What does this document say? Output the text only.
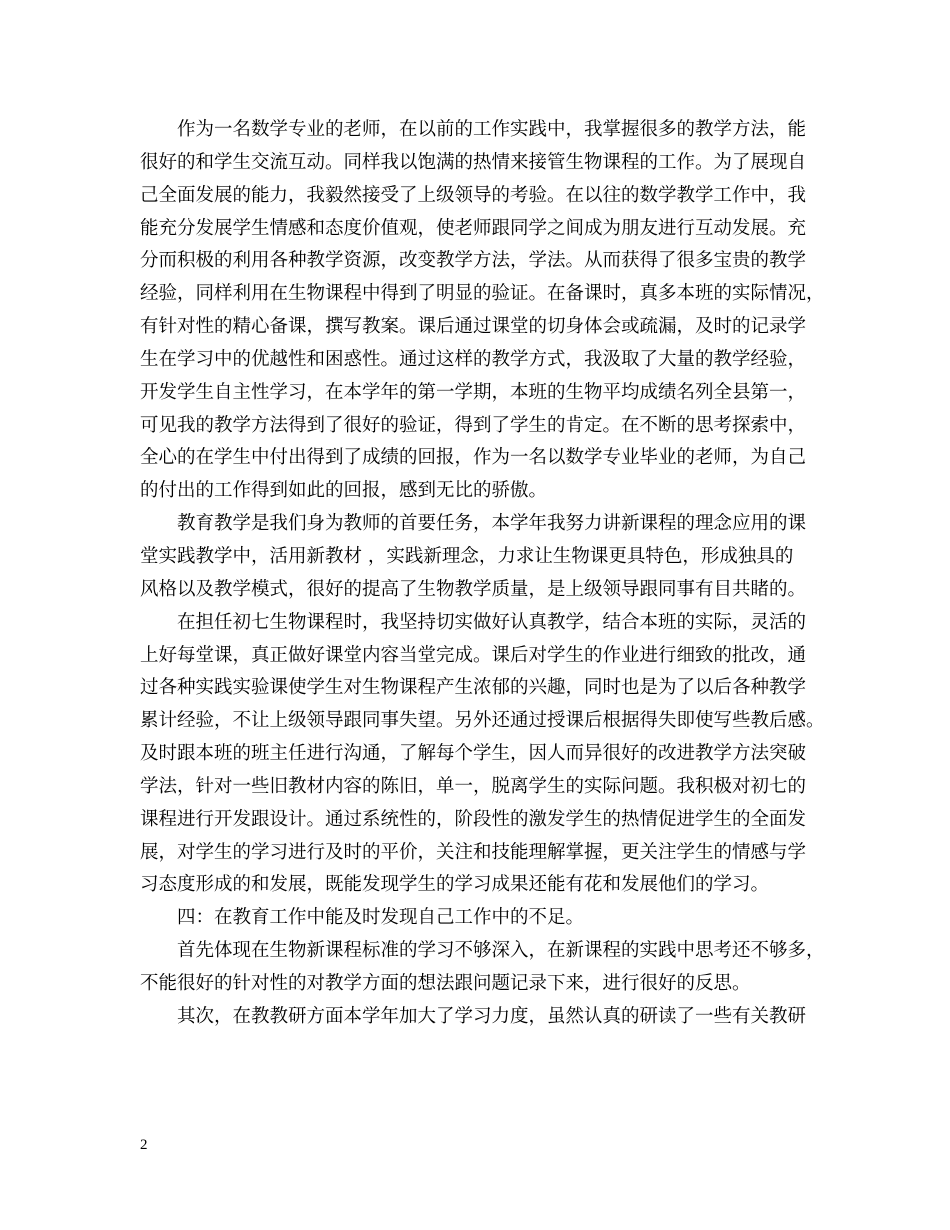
作为一名数学专业的老师，在以前的工作实践中，我掌握很多的教学方法，能
很好的和学生交流互动。同样我以饱满的热情来接管生物课程的工作。为了展现自
己全面发展的能力，我毅然接受了上级领导的考验。在以往的数学教学工作中，我
能充分发展学生情感和态度价值观，使老师跟同学之间成为朋友进行互动发展。充
分而积极的利用各种教学资源，改变教学方法，学法。从而获得了很多宝贵的教学
经验，同样利用在生物课程中得到了明显的验证。在备课时，真多本班的实际情况，
有针对性的精心备课，撰写教案。课后通过课堂的切身体会或疏漏，及时的记录学
生在学习中的优越性和困惑性。通过这样的教学方式，我汲取了大量的教学经验，
开发学生自主性学习，在本学年的第一学期，本班的生物平均成绩名列全县第一，
可见我的教学方法得到了很好的验证，得到了学生的肯定。在不断的思考探索中，
全心的在学生中付出得到了成绩的回报，作为一名以数学专业毕业的老师，为自己
的付出的工作得到如此的回报，感到无比的骄傲。
教育教学是我们身为教师的首要任务，本学年我努力讲新课程的理念应用的课
堂实践教学中，活用新教材 ，实践新理念，力求让生物课更具特色，形成独具的
风格以及教学模式，很好的提高了生物教学质量，是上级领导跟同事有目共睹的。
在担任初七生物课程时，我坚持切实做好认真教学，结合本班的实际，灵活的
上好每堂课，真正做好课堂内容当堂完成。课后对学生的作业进行细致的批改，通
过各种实践实验课使学生对生物课程产生浓郁的兴趣，同时也是为了以后各种教学
累计经验，不让上级领导跟同事失望。另外还通过授课后根据得失即使写些教后感。
及时跟本班的班主任进行沟通，了解每个学生，因人而异很好的改进教学方法突破
学法，针对一些旧教材内容的陈旧，单一，脱离学生的实际问题。我积极对初七的
课程进行开发跟设计。通过系统性的，阶段性的激发学生的热情促进学生的全面发
展，对学生的学习进行及时的平价，关注和技能理解掌握，更关注学生的情感与学
习态度形成的和发展，既能发现学生的学习成果还能有花和发展他们的学习。
四：在教育工作中能及时发现自己工作中的不足。
首先体现在生物新课程标准的学习不够深入，在新课程的实践中思考还不够多，
不能很好的针对性的对教学方面的想法跟问题记录下来，进行很好的反思。
其次，在教教研方面本学年加大了学习力度，虽然认真的研读了一些有关教研
2
